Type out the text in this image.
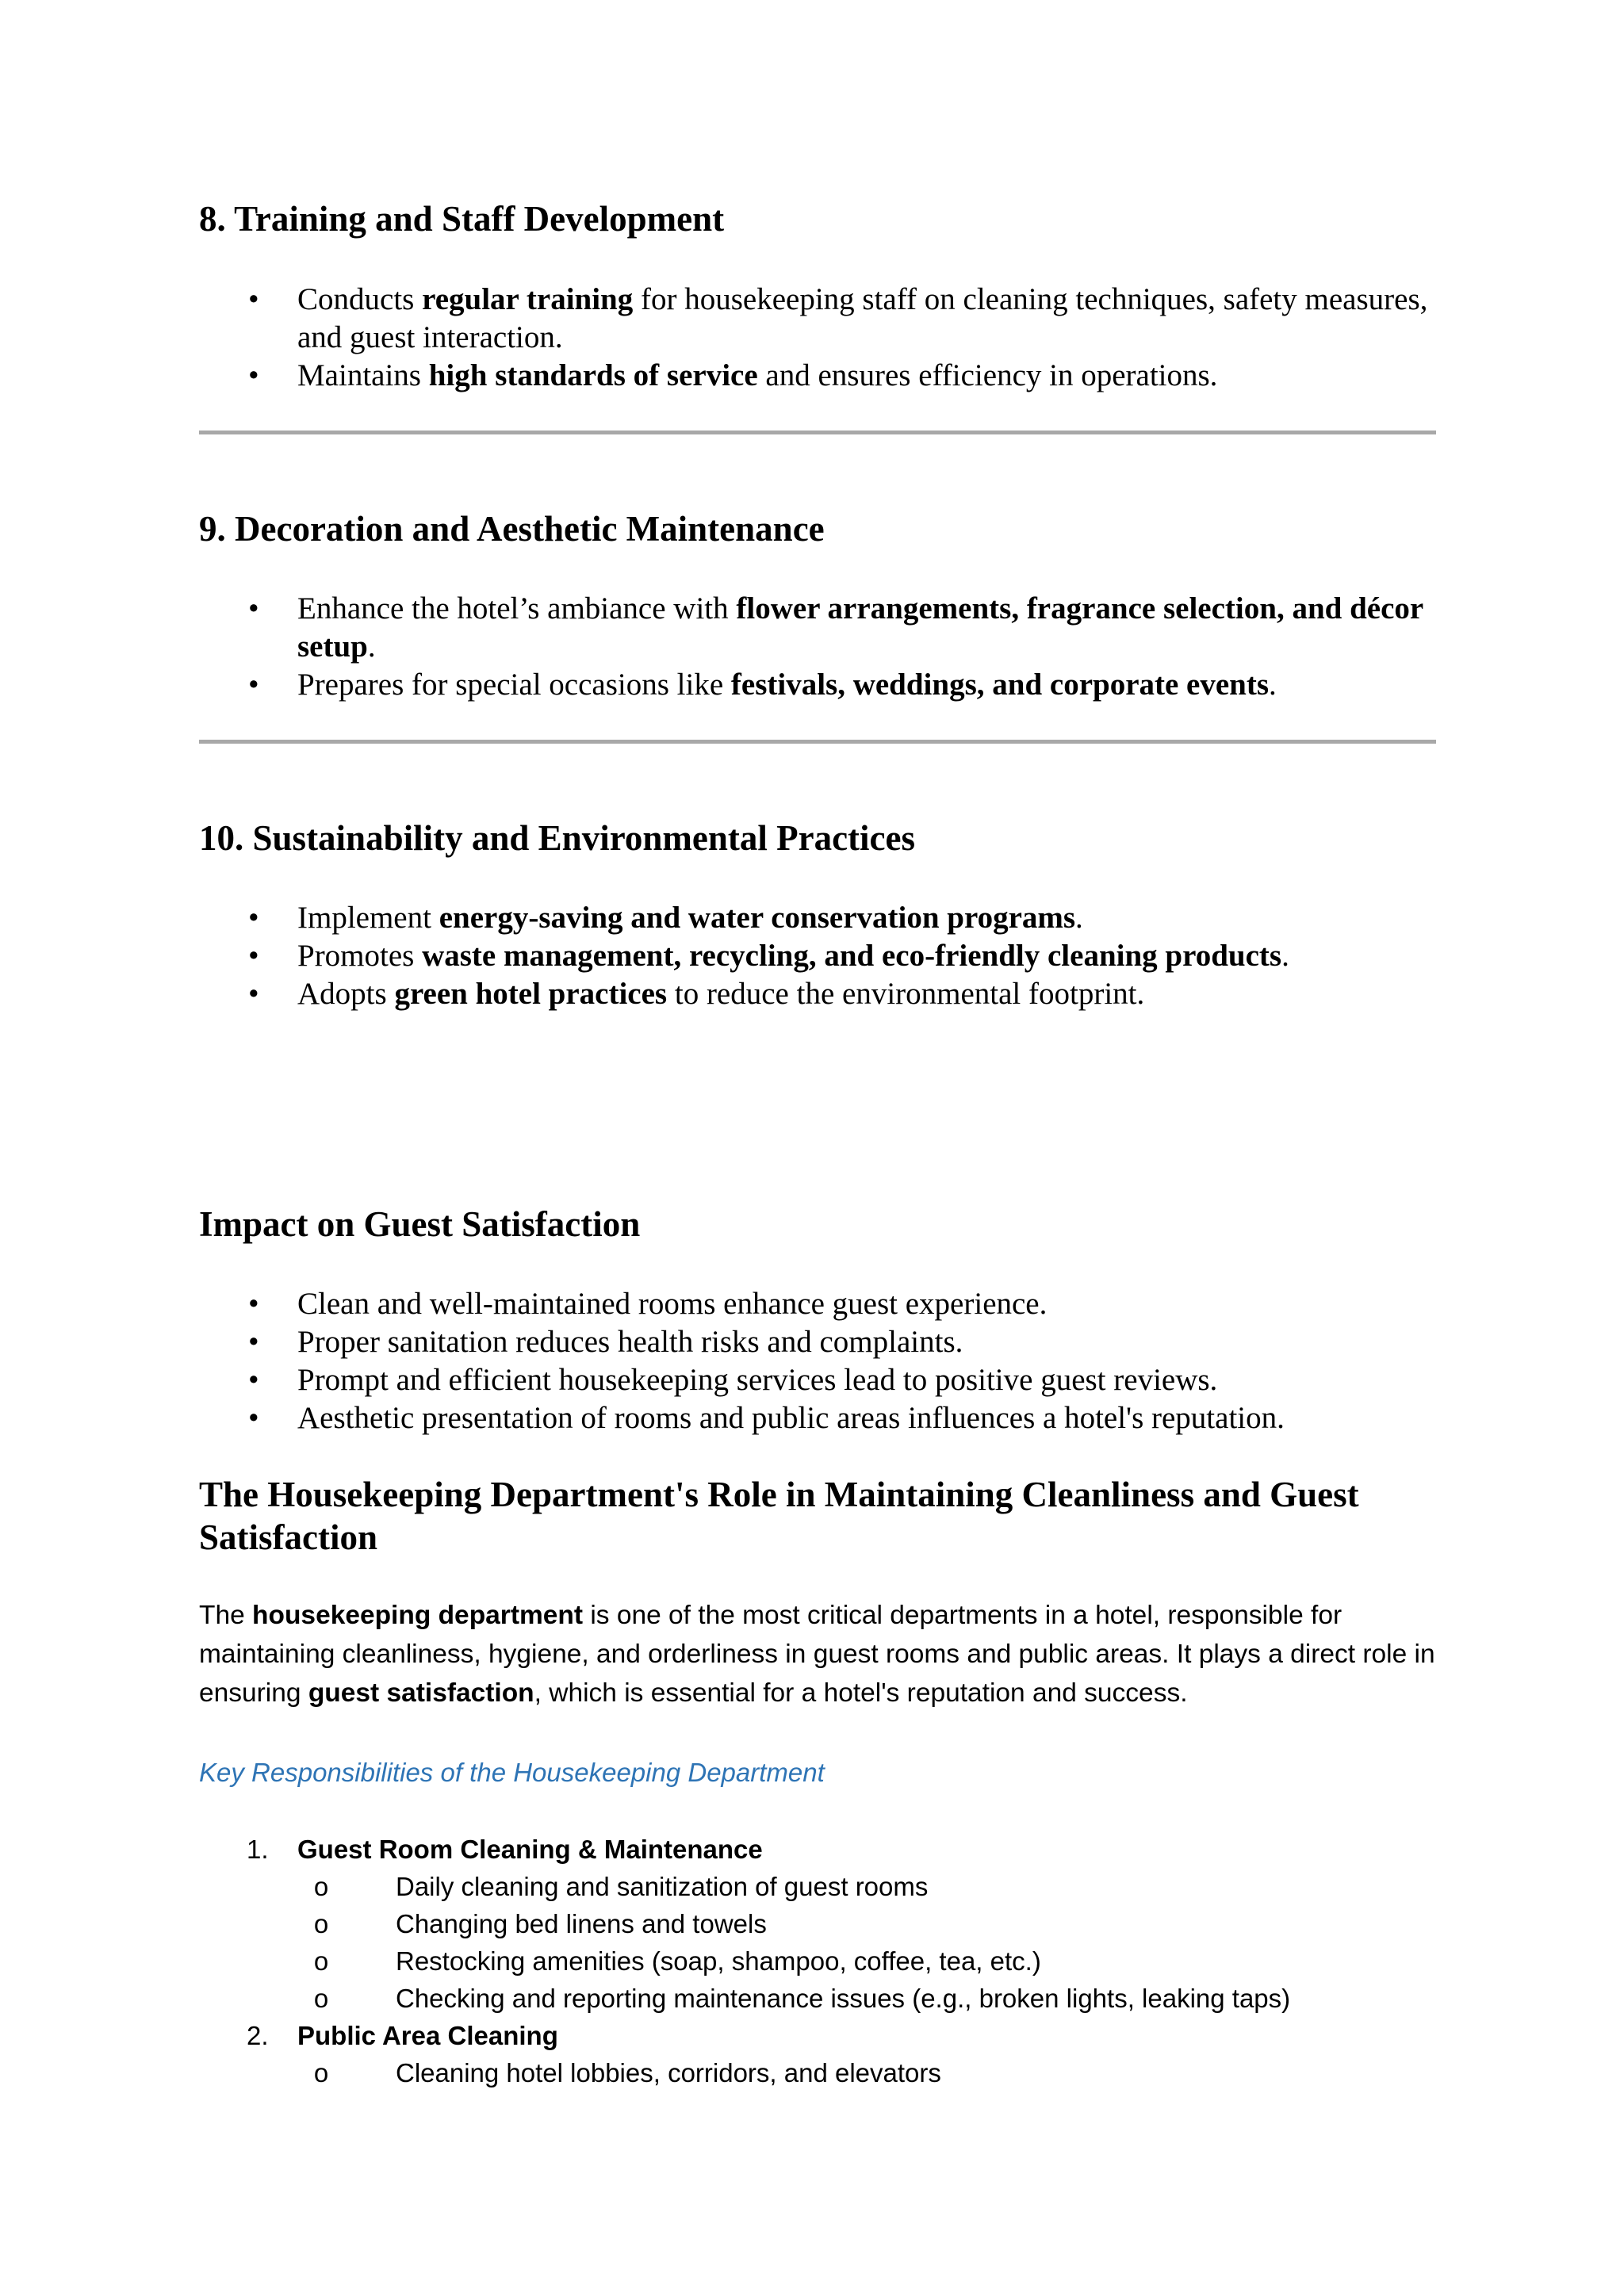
8. Training and Staff Development
• Conducts regular training for housekeeping staff on cleaning techniques, safety measures, and guest interaction.
• Maintains high standards of service and ensures efficiency in operations.
9. Decoration and Aesthetic Maintenance
• Enhance the hotel’s ambiance with flower arrangements, fragrance selection, and décor setup.
• Prepares for special occasions like festivals, weddings, and corporate events.
10. Sustainability and Environmental Practices
• Implement energy-saving and water conservation programs.
• Promotes waste management, recycling, and eco-friendly cleaning products.
• Adopts green hotel practices to reduce the environmental footprint.
Impact on Guest Satisfaction
• Clean and well-maintained rooms enhance guest experience.
• Proper sanitation reduces health risks and complaints.
• Prompt and efficient housekeeping services lead to positive guest reviews.
• Aesthetic presentation of rooms and public areas influences a hotel's reputation.
The Housekeeping Department's Role in Maintaining Cleanliness and Guest Satisfaction

The housekeeping department is one of the most critical departments in a hotel, responsible for maintaining cleanliness, hygiene, and orderliness in guest rooms and public areas. It plays a direct role in ensuring guest satisfaction, which is essential for a hotel's reputation and success.

Key Responsibilities of the Housekeeping Department
1. Guest Room Cleaning & Maintenance
o	Daily cleaning and sanitization of guest rooms
o	Changing bed linens and towels
o	Restocking amenities (soap, shampoo, coffee, tea, etc.)
o	Checking and reporting maintenance issues (e.g., broken lights, leaking taps)
2. Public Area Cleaning
o	Cleaning hotel lobbies, corridors, and elevators
